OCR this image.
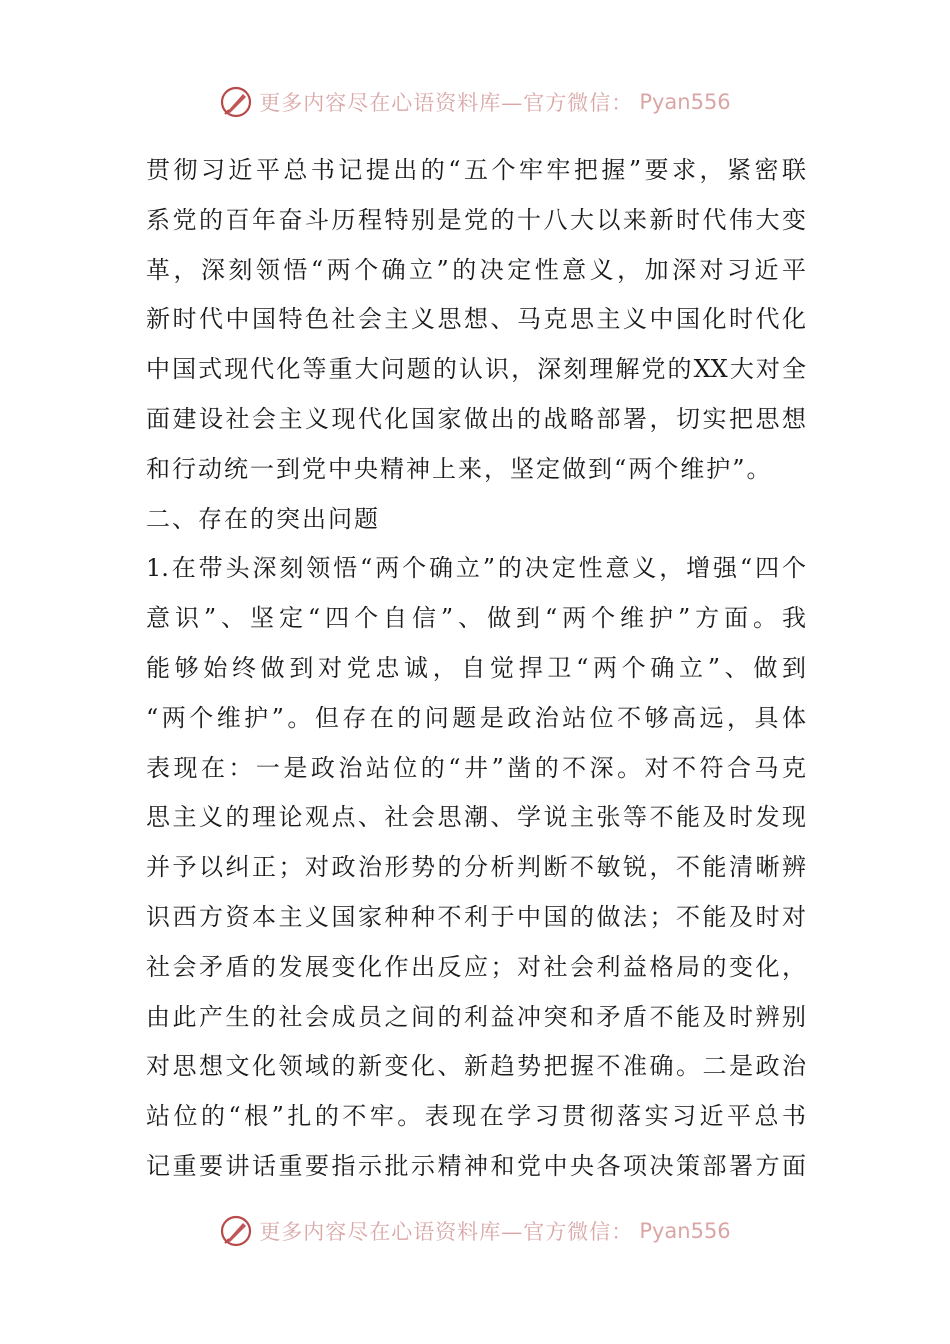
更多内容尽在心语资料库—官方微信： Pyan556
贯彻习近平总书记提出的“五个牢牢把握”要求，紧密联
系党的百年奋斗历程特别是党的十八大以来新时代伟大变
革，深刻领悟“两个确立”的决定性意义，加深对习近平
新时代中国特色社会主义思想、马克思主义中国化时代化
中国式现代化等重大问题的认识，深刻理解党的XX大对全
面建设社会主义现代化国家做出的战略部署，切实把思想
和行动统一到党中央精神上来，坚定做到“两个维护”。
二、存在的突出问题
1.在带头深刻领悟“两个确立”的决定性意义，增强“四个
意识”、坚定“四个自信”、做到“两个维护”方面。我
能够始终做到对党忠诚，自觉捍卫“两个确立”、做到
“两个维护”。但存在的问题是政治站位不够高远，具体
表现在：一是政治站位的“井”凿的不深。对不符合马克
思主义的理论观点、社会思潮、学说主张等不能及时发现
并予以纠正；对政治形势的分析判断不敏锐，不能清晰辨
识西方资本主义国家种种不利于中国的做法；不能及时对
社会矛盾的发展变化作出反应；对社会利益格局的变化，
由此产生的社会成员之间的利益冲突和矛盾不能及时辨别
对思想文化领域的新变化、新趋势把握不准确。二是政治
站位的“根”扎的不牢。表现在学习贯彻落实习近平总书
记重要讲话重要指示批示精神和党中央各项决策部署方面
更多内容尽在心语资料库—官方微信： Pyan556
